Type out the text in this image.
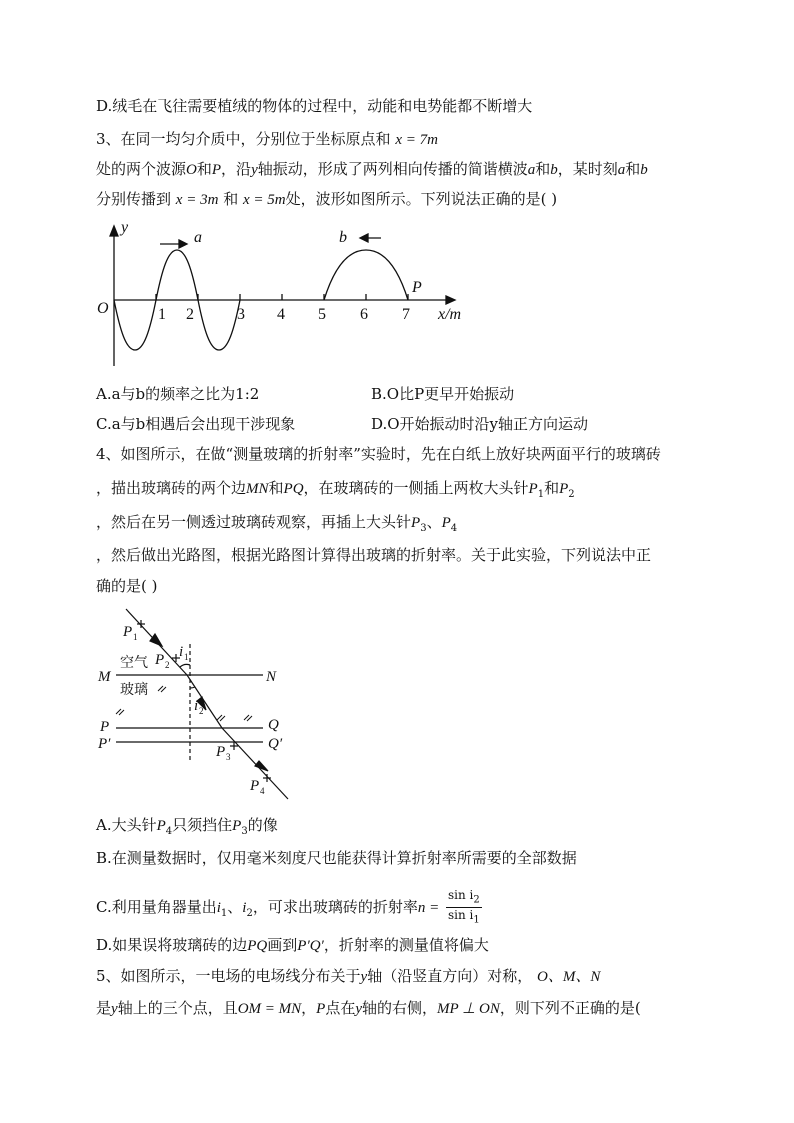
D.绒毛在飞往需要植绒的物体的过程中，动能和电势能都不断增大
3、在同一均匀介质中，分别位于坐标原点和 x = 7m
处的两个波源O和P，沿y轴振动，形成了两列相向传播的简谐横波a和b，某时刻a和b
分别传播到 x = 3m 和 x = 5m处，波形如图所示。下列说法正确的是( )
y
O	1 2	3 4 5 6 7 x/m
a	b
P
A.a与b的频率之比为1:2	B.O比P更早开始振动
C.a与b相遇后会出现干涉现象	D.O开始振动时沿y轴正方向运动
4、如图所示，在做“测量玻璃的折射率”实验时，先在白纸上放好块两面平行的玻璃砖
，描出玻璃砖的两个边MN和PQ，在玻璃砖的一侧插上两枚大头针$P_1$和$P_2$
，然后在另一侧透过玻璃砖观察，再插上大头针$P_3$、$P_4$
，然后做出光路图，根据光路图计算得出玻璃的折射率。关于此实验，下列说法中正
确的是( )
M	N
P	Q
P′	Q′
空气
玻璃
P 1
P 2
i 1
i 2
P 3
P 4
A.大头针$P_4$只须挡住$P_3$的像
B.在测量数据时，仅用毫米刻度尺也能获得计算折射率所需要的全部数据
C.利用量角器量出$i_1$、$i_2$，可求出玻璃砖的折射率$n = \frac{\sin i_2}{\sin i_1}$
D.如果误将玻璃砖的边PQ画到P′Q′，折射率的测量值将偏大
5、如图所示，一电场的电场线分布关于y轴（沿竖直方向）对称， O、M、N
是y轴上的三个点，且OM = MN，P点在y轴的右侧，MP ⊥ ON，则下列不正确的是(
